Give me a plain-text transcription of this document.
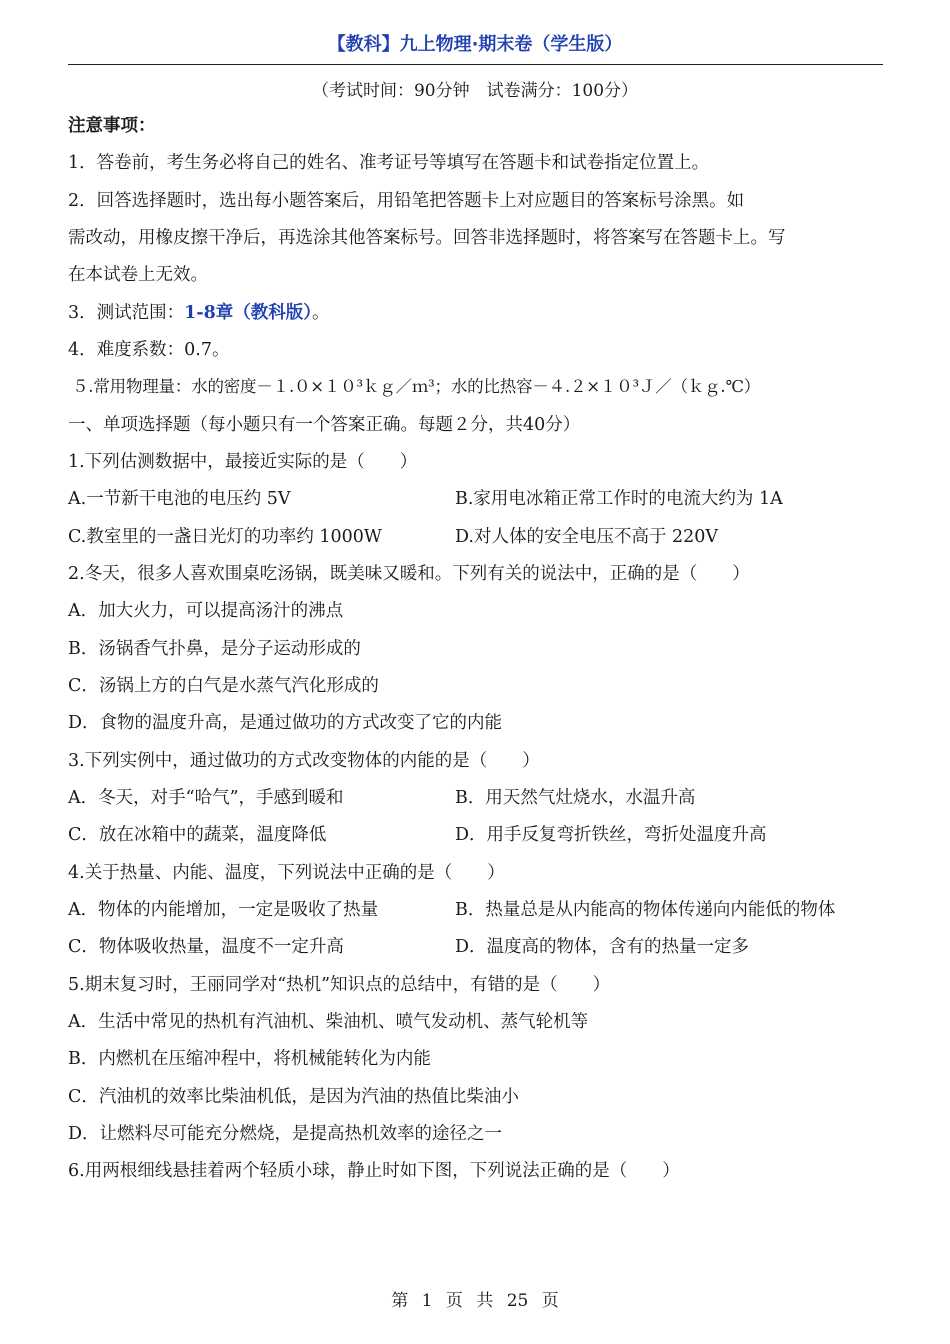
【教科】九上物理·期末卷（学生版）
（考试时间：90分钟　试卷满分：100分）
注意事项：
1．答卷前，考生务必将自己的姓名、准考证号等填写在答题卡和试卷指定位置上。
2．回答选择题时，选出每小题答案后，用铅笔把答题卡上对应题目的答案标号涂黑。如
需改动，用橡皮擦干净后，再选涂其他答案标号。回答非选择题时，将答案写在答题卡上。写
在本试卷上无效。
3．测试范围：1-8章（教科版）。
4．难度系数：0.7。
５.常用物理量：水的密度－１.０×１０³ｋｇ／ｍ³；水的比热容－４.２×１０³Ｊ／（ｋｇ.℃）
一、单项选择题（每小题只有一个答案正确。每题２分，共40分）
1.下列估测数据中，最接近实际的是（　　）
A.一节新干电池的电压约 5V	B.家用电冰箱正常工作时的电流大约为 1A
C.教室里的一盏日光灯的功率约 1000W	D.对人体的安全电压不高于 220V
2.冬天，很多人喜欢围桌吃汤锅，既美味又暖和。下列有关的说法中，正确的是（　　）
A．加大火力，可以提高汤汁的沸点
B．汤锅香气扑鼻，是分子运动形成的
C．汤锅上方的白气是水蒸气汽化形成的
D．食物的温度升高，是通过做功的方式改变了它的内能
3.下列实例中，通过做功的方式改变物体的内能的是（　　）
A．冬天，对手“哈气”，手感到暖和	B．用天然气灶烧水，水温升高
C．放在冰箱中的蔬菜，温度降低	D．用手反复弯折铁丝，弯折处温度升高
4.关于热量、内能、温度，下列说法中正确的是（　　）
A．物体的内能增加，一定是吸收了热量	B．热量总是从内能高的物体传递向内能低的物体
C．物体吸收热量，温度不一定升高	D．温度高的物体，含有的热量一定多
5.期末复习时，王丽同学对“热机”知识点的总结中，有错的是（　　）
A．生活中常见的热机有汽油机、柴油机、喷气发动机、蒸气轮机等
B．内燃机在压缩冲程中，将机械能转化为内能
C．汽油机的效率比柴油机低，是因为汽油的热值比柴油小
D．让燃料尽可能充分燃烧，是提高热机效率的途径之一
6.用两根细线悬挂着两个轻质小球，静止时如下图，下列说法正确的是（　　）
第 1 页 共 25 页
